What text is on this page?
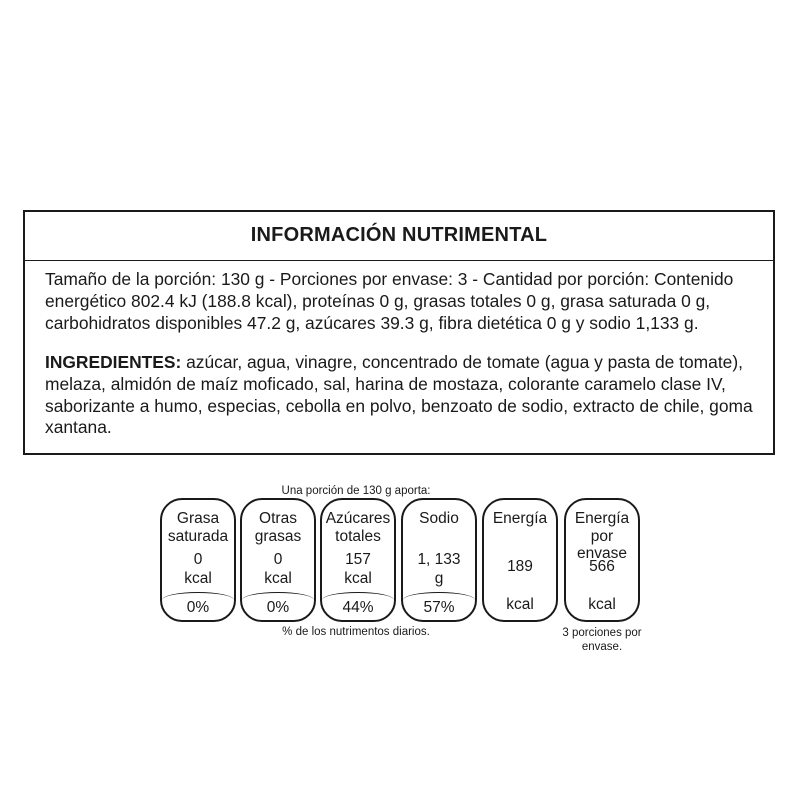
INFORMACIÓN NUTRIMENTAL

Tamaño de la porción: 130 g - Porciones por envase: 3 - Cantidad por porción: Contenido energético 802.4 kJ (188.8 kcal), proteínas 0 g, grasas totales 0 g, grasa saturada 0 g, carbohidratos disponibles 47.2 g, azúcares 39.3 g, fibra dietética 0 g y sodio 1,133 g.

INGREDIENTES: azúcar, agua, vinagre, concentrado de tomate (agua y pasta de tomate), melaza, almidón de maíz moficado, sal, harina de mostaza, colorante caramelo clase IV, saborizante a humo, especias, cebolla en polvo, benzoato de sodio, extracto de chile, goma xantana.

Una porción de 130 g aporta:
Grasa saturada
0
kcal
0%
Otras grasas
0
kcal
0%
Azúcares totales
157
kcal
44%
Sodio
1, 133
g
57%
Energía
189
kcal
Energía por envase
566
kcal
% de los nutrimentos diarios.	3 porciones por envase.
